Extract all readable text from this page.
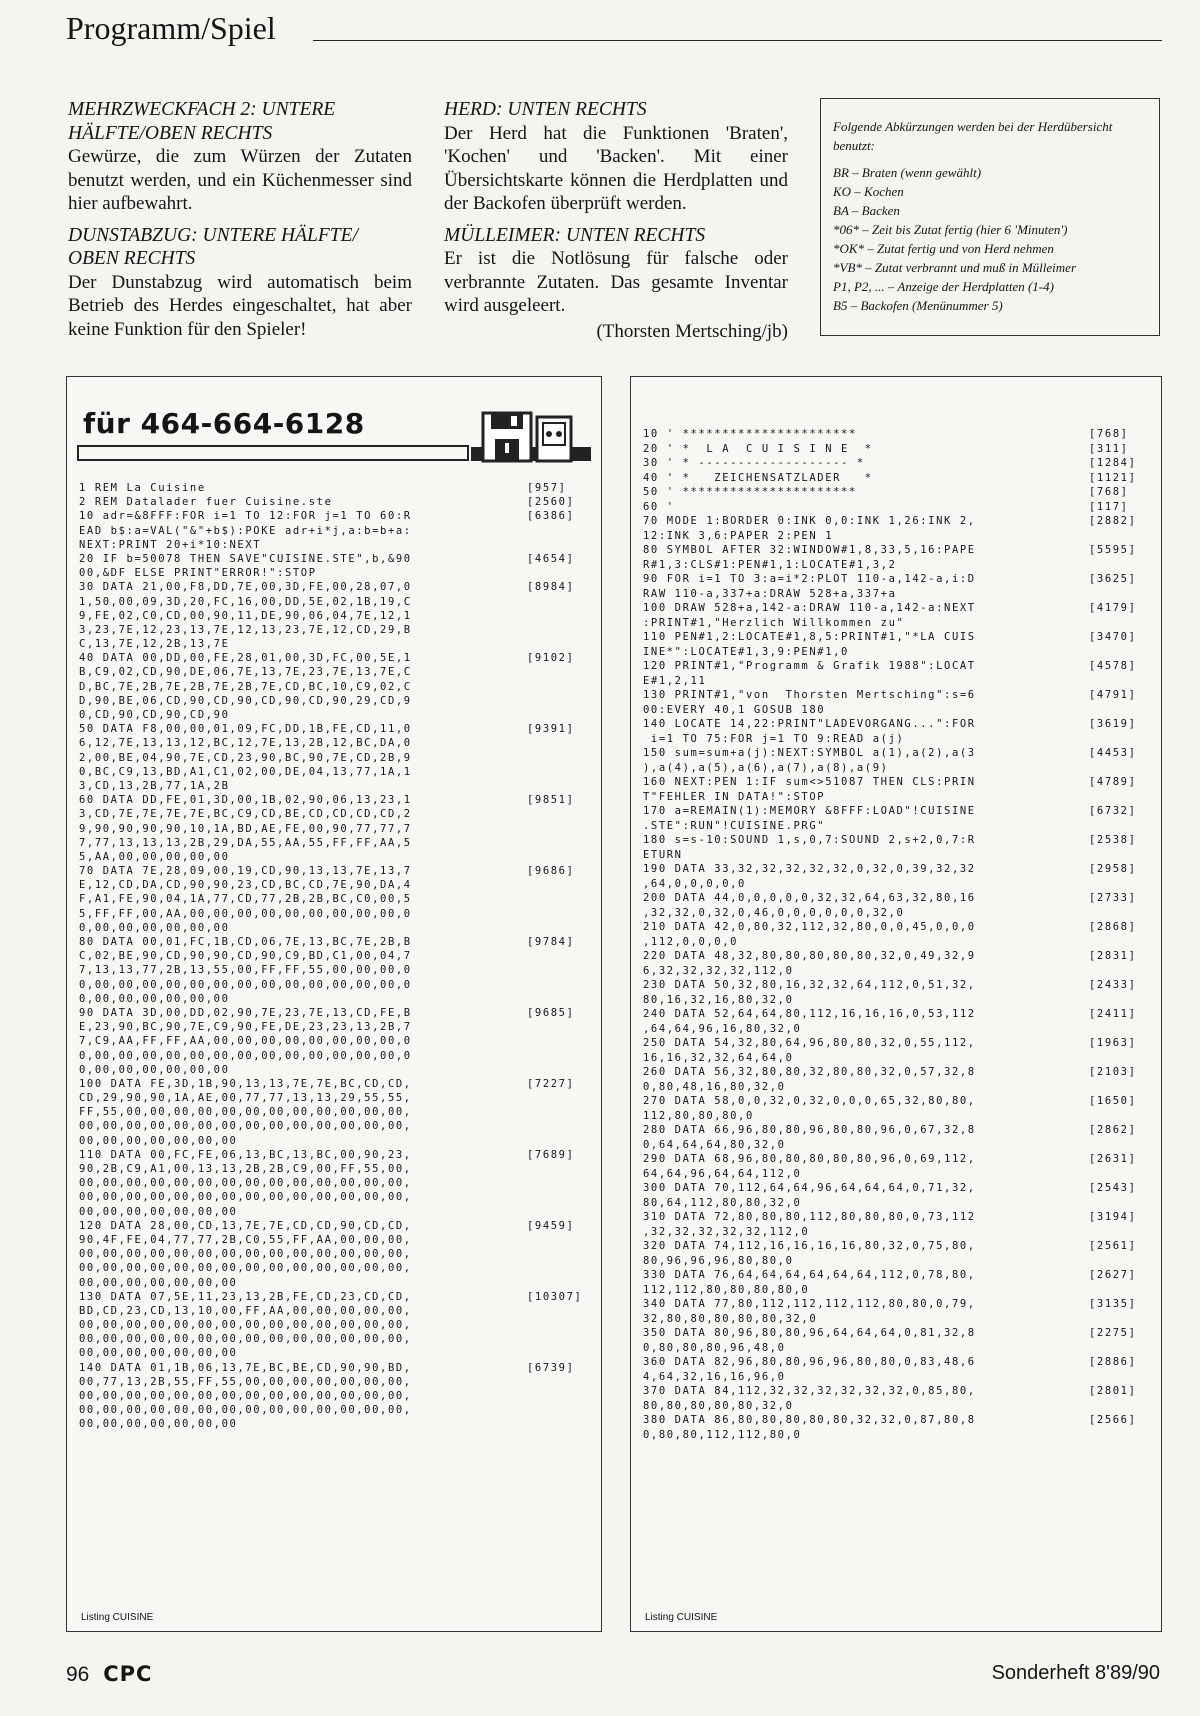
Programm/Spiel
MEHRZWECKFACH 2: UNTERE HÄLFTE/OBEN RECHTS

Gewürze, die zum Würzen der Zutaten benutzt werden, und ein Küchenmesser sind hier aufbewahrt.

DUNSTABZUG: UNTERE HÄLFTE/ OBEN RECHTS

Der Dunstabzug wird automatisch beim Betrieb des Herdes eingeschaltet, hat aber keine Funktion für den Spieler!

HERD: UNTEN RECHTS

Der Herd hat die Funktionen 'Braten', 'Kochen' und 'Backen'. Mit einer Übersichtskarte können die Herdplatten und der Backofen überprüft werden.

MÜLLEIMER: UNTEN RECHTS

Er ist die Notlösung für falsche oder verbrannte Zutaten. Das gesamte Inventar wird ausgeleert.

(Thorsten Mertsching/jb)

Folgende Abkürzungen werden bei der Herdübersicht benutzt:

BR – Braten (wenn gewählt)
KO – Kochen
BA – Backen
*06* – Zeit bis Zutat fertig (hier 6 'Minuten')
*OK* – Zutat fertig und von Herd nehmen
*VB* – Zutat verbrannt und muß in Mülleimer
P1, P2, ... – Anzeige der Herdplatten (1-4)
B5 – Backofen (Menünummer 5)
für 464-664-6128
1 REM La Cuisine	[957]
2 REM Datalader fuer Cuisine.ste	[2560]
10 adr=&8FFF:FOR i=1 TO 12:FOR j=1 TO 60:R	[6386]
EAD b$:a=VAL("&"+b$):POKE adr+i*j,a:b=b+a:
NEXT:PRINT 20+i*10:NEXT
20 IF b=50078 THEN SAVE"CUISINE.STE",b,&90	[4654]
00,&DF ELSE PRINT"ERROR!":STOP
30 DATA 21,00,F8,DD,7E,00,3D,FE,00,28,07,0	[8984]
1,50,00,09,3D,20,FC,16,00,DD,5E,02,1B,19,C
9,FE,02,C0,CD,00,90,11,DE,90,06,04,7E,12,1
3,23,7E,12,23,13,7E,12,13,23,7E,12,CD,29,B
C,13,7E,12,2B,13,7E
40 DATA 00,DD,00,FE,28,01,00,3D,FC,00,5E,1	[9102]
B,C9,02,CD,90,DE,06,7E,13,7E,23,7E,13,7E,C
D,BC,7E,2B,7E,2B,7E,2B,7E,CD,BC,10,C9,02,C
D,90,BE,06,CD,90,CD,90,CD,90,CD,90,29,CD,9
0,CD,90,CD,90,CD,90
50 DATA F8,00,00,01,09,FC,DD,1B,FE,CD,11,0	[9391]
6,12,7E,13,13,12,BC,12,7E,13,2B,12,BC,DA,0
2,00,BE,04,90,7E,CD,23,90,BC,90,7E,CD,2B,9
0,BC,C9,13,BD,A1,C1,02,00,DE,04,13,77,1A,1
3,CD,13,2B,77,1A,2B
60 DATA DD,FE,01,3D,00,1B,02,90,06,13,23,1	[9851]
3,CD,7E,7E,7E,7E,BC,C9,CD,BE,CD,CD,CD,CD,2
9,90,90,90,90,10,1A,BD,AE,FE,00,90,77,77,7
7,77,13,13,13,2B,29,DA,55,AA,55,FF,FF,AA,5
5,AA,00,00,00,00,00
70 DATA 7E,28,09,00,19,CD,90,13,13,7E,13,7	[9686]
E,12,CD,DA,CD,90,90,23,CD,BC,CD,7E,90,DA,4
F,A1,FE,90,04,1A,77,CD,77,2B,2B,BC,C0,00,5
5,FF,FF,00,AA,00,00,00,00,00,00,00,00,00,0
0,00,00,00,00,00,00
80 DATA 00,01,FC,1B,CD,06,7E,13,BC,7E,2B,B	[9784]
C,02,BE,90,CD,90,90,CD,90,C9,BD,C1,00,04,7
7,13,13,77,2B,13,55,00,FF,FF,55,00,00,00,0
0,00,00,00,00,00,00,00,00,00,00,00,00,00,0
0,00,00,00,00,00,00
90 DATA 3D,00,DD,02,90,7E,23,7E,13,CD,FE,B	[9685]
E,23,90,BC,90,7E,C9,90,FE,DE,23,23,13,2B,7
7,C9,AA,FF,FF,AA,00,00,00,00,00,00,00,00,0
0,00,00,00,00,00,00,00,00,00,00,00,00,00,0
0,00,00,00,00,00,00
100 DATA FE,3D,1B,90,13,13,7E,7E,BC,CD,CD,	[7227]
CD,29,90,90,1A,AE,00,77,77,13,13,29,55,55,
FF,55,00,00,00,00,00,00,00,00,00,00,00,00,
00,00,00,00,00,00,00,00,00,00,00,00,00,00,
00,00,00,00,00,00,00
110 DATA 00,FC,FE,06,13,BC,13,BC,00,90,23,	[7689]
90,2B,C9,A1,00,13,13,2B,2B,C9,00,FF,55,00,
00,00,00,00,00,00,00,00,00,00,00,00,00,00,
00,00,00,00,00,00,00,00,00,00,00,00,00,00,
00,00,00,00,00,00,00
120 DATA 28,00,CD,13,7E,7E,CD,CD,90,CD,CD,	[9459]
90,4F,FE,04,77,77,2B,C0,55,FF,AA,00,00,00,
00,00,00,00,00,00,00,00,00,00,00,00,00,00,
00,00,00,00,00,00,00,00,00,00,00,00,00,00,
00,00,00,00,00,00,00
130 DATA 07,5E,11,23,13,2B,FE,CD,23,CD,CD,	[10307]
BD,CD,23,CD,13,10,00,FF,AA,00,00,00,00,00,
00,00,00,00,00,00,00,00,00,00,00,00,00,00,
00,00,00,00,00,00,00,00,00,00,00,00,00,00,
00,00,00,00,00,00,00
140 DATA 01,1B,06,13,7E,BC,BE,CD,90,90,BD,	[6739]
00,77,13,2B,55,FF,55,00,00,00,00,00,00,00,
00,00,00,00,00,00,00,00,00,00,00,00,00,00,
00,00,00,00,00,00,00,00,00,00,00,00,00,00,
00,00,00,00,00,00,00
Listing CUISINE
10 ' **********************	[768]
20 ' *  L A  C U I S I N E  *	[311]
30 ' * ------------------- *	[1284]
40 ' *   ZEICHENSATZLADER   *	[1121]
50 ' **********************	[768]
60 '	[117]
70 MODE 1:BORDER 0:INK 0,0:INK 1,26:INK 2,	[2882]
12:INK 3,6:PAPER 2:PEN 1
80 SYMBOL AFTER 32:WINDOW#1,8,33,5,16:PAPE	[5595]
R#1,3:CLS#1:PEN#1,1:LOCATE#1,3,2
90 FOR i=1 TO 3:a=i*2:PLOT 110-a,142-a,i:D	[3625]
RAW 110-a,337+a:DRAW 528+a,337+a
100 DRAW 528+a,142-a:DRAW 110-a,142-a:NEXT	[4179]
:PRINT#1,"Herzlich Willkommen zu"
110 PEN#1,2:LOCATE#1,8,5:PRINT#1,"*LA CUIS	[3470]
INE*":LOCATE#1,3,9:PEN#1,0
120 PRINT#1,"Programm & Grafik 1988":LOCAT	[4578]
E#1,2,11
130 PRINT#1,"von  Thorsten Mertsching":s=6	[4791]
00:EVERY 40,1 GOSUB 180
140 LOCATE 14,22:PRINT"LADEVORGANG...":FOR	[3619]
i=1 TO 75:FOR j=1 TO 9:READ a(j)
150 sum=sum+a(j):NEXT:SYMBOL a(1),a(2),a(3	[4453]
),a(4),a(5),a(6),a(7),a(8),a(9)
160 NEXT:PEN 1:IF sum<>51087 THEN CLS:PRIN	[4789]
T"FEHLER IN DATA!":STOP
170 a=REMAIN(1):MEMORY &8FFF:LOAD"!CUISINE	[6732]
.STE":RUN"!CUISINE.PRG"
180 s=s-10:SOUND 1,s,0,7:SOUND 2,s+2,0,7:R	[2538]
ETURN
190 DATA 33,32,32,32,32,32,0,32,0,39,32,32	[2958]
,64,0,0,0,0,0
200 DATA 44,0,0,0,0,0,32,32,64,63,32,80,16	[2733]
,32,32,0,32,0,46,0,0,0,0,0,0,32,0
210 DATA 42,0,80,32,112,32,80,0,0,45,0,0,0	[2868]
,112,0,0,0,0
220 DATA 48,32,80,80,80,80,80,32,0,49,32,9	[2831]
6,32,32,32,32,112,0
230 DATA 50,32,80,16,32,32,64,112,0,51,32,	[2433]
80,16,32,16,80,32,0
240 DATA 52,64,64,80,112,16,16,16,0,53,112	[2411]
,64,64,96,16,80,32,0
250 DATA 54,32,80,64,96,80,80,32,0,55,112,	[1963]
16,16,32,32,64,64,0
260 DATA 56,32,80,80,32,80,80,32,0,57,32,8	[2103]
0,80,48,16,80,32,0
270 DATA 58,0,0,32,0,32,0,0,0,65,32,80,80,	[1650]
112,80,80,80,0
280 DATA 66,96,80,80,96,80,80,96,0,67,32,8	[2862]
0,64,64,64,80,32,0
290 DATA 68,96,80,80,80,80,80,96,0,69,112,	[2631]
64,64,96,64,64,112,0
300 DATA 70,112,64,64,96,64,64,64,0,71,32,	[2543]
80,64,112,80,80,32,0
310 DATA 72,80,80,80,112,80,80,80,0,73,112	[3194]
,32,32,32,32,32,112,0
320 DATA 74,112,16,16,16,16,80,32,0,75,80,	[2561]
80,96,96,96,80,80,0
330 DATA 76,64,64,64,64,64,64,112,0,78,80,	[2627]
112,112,80,80,80,80,0
340 DATA 77,80,112,112,112,112,80,80,0,79,	[3135]
32,80,80,80,80,80,32,0
350 DATA 80,96,80,80,96,64,64,64,0,81,32,8	[2275]
0,80,80,80,96,48,0
360 DATA 82,96,80,80,96,96,80,80,0,83,48,6	[2886]
4,64,32,16,16,96,0
370 DATA 84,112,32,32,32,32,32,32,0,85,80,	[2801]
80,80,80,80,80,32,0
380 DATA 86,80,80,80,80,80,32,32,0,87,80,8	[2566]
0,80,80,112,112,80,0
Listing CUISINE
96 CPC	Sonderheft 8'89/90
